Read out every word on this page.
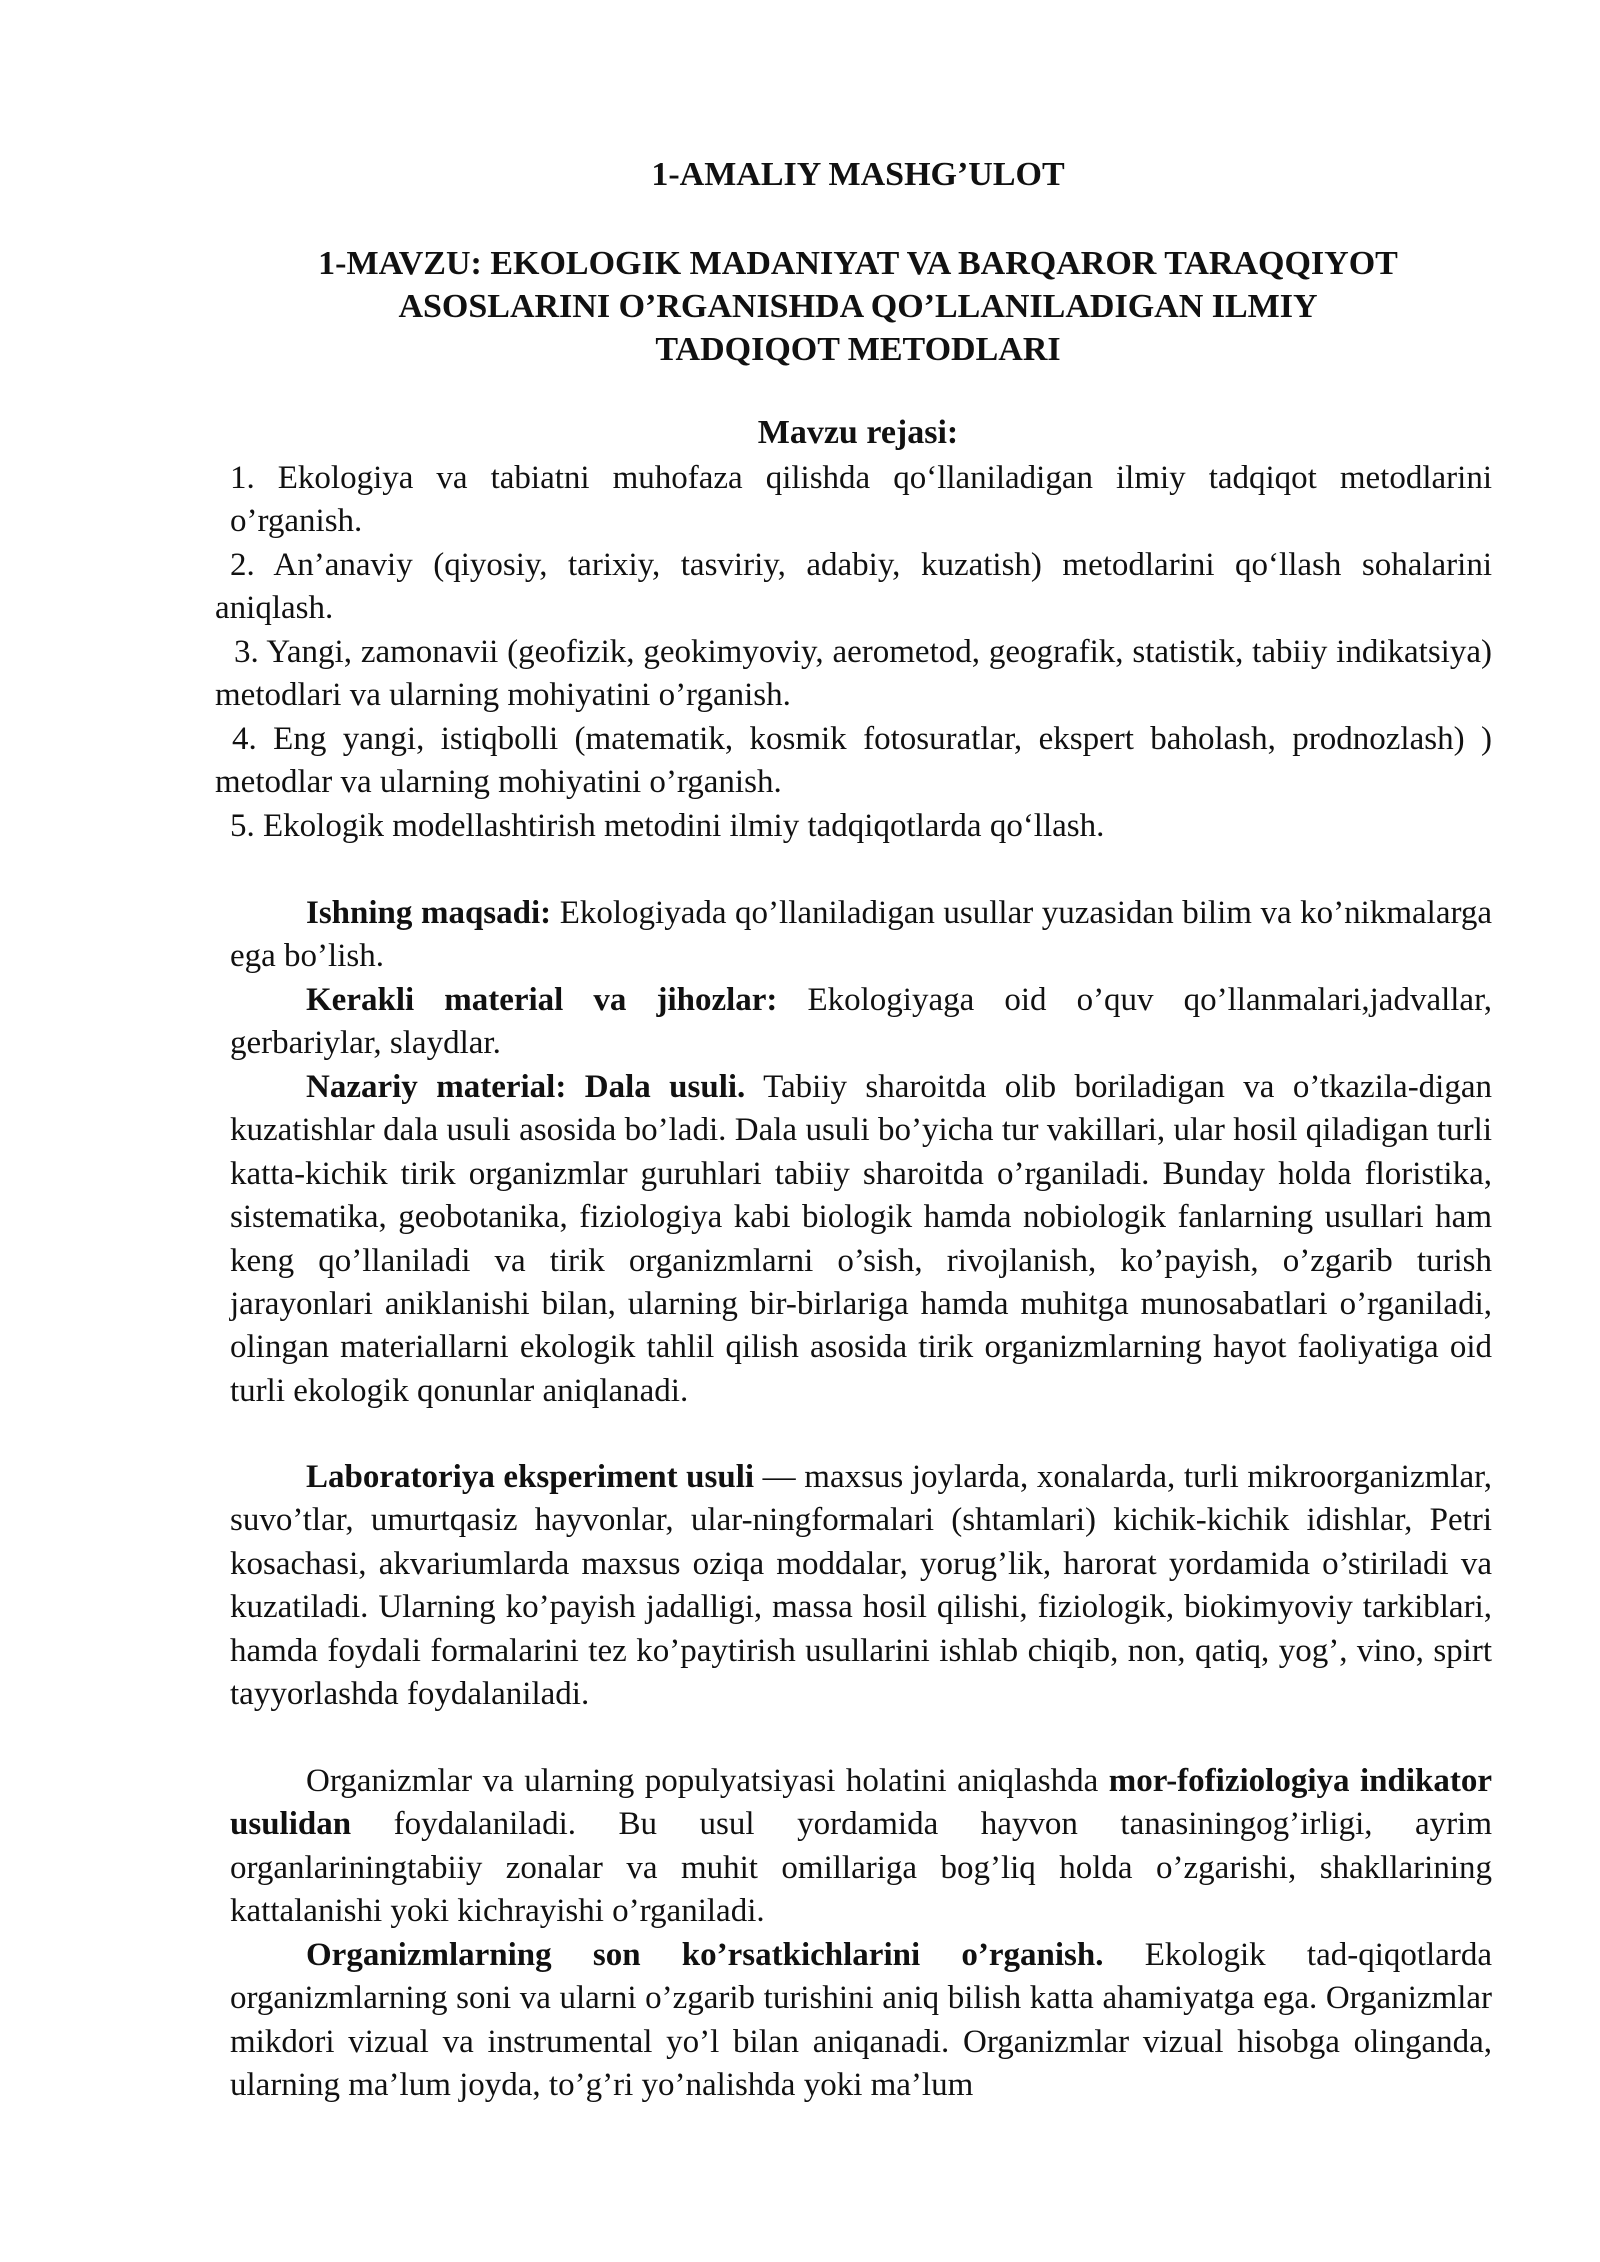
1-AMALIY MASHG’ULOT
1-MAVZU: EKOLOGIK MADANIYAT VA BARQAROR TARAQQIYOT ASOSLARINI O’RGANISHDA QO’LLANILADIGAN ILMIY TADQIQOT METODLARI
Mavzu rejasi:

1. Ekologiya va tabiatni muhofaza qilishda qo‘llaniladigan ilmiy tadqiqot metodlarini o’rganish.

2. An’anaviy (qiyosiy, tarixiy, tasviriy, adabiy, kuzatish) metodlarini qo‘llash sohalarini aniqlash.

3. Yangi, zamonavii (geofizik, geokimyoviy, aerometod, geografik, statistik, tabiiy indikatsiya) metodlari va ularning mohiyatini o’rganish.

4. Eng yangi, istiqbolli (matematik, kosmik fotosuratlar, ekspert baholash, prodnozlash) ) metodlar va ularning mohiyatini o’rganish.

5. Ekologik modellashtirish metodini ilmiy tadqiqotlarda qo‘llash.

Ishning maqsadi: Ekologiyada qo’llaniladigan usullar yuzasidan bilim va ko’nikmalarga ega bo’lish.

Kerakli material va jihozlar: Ekologiyaga oid o’quv qo’llanmalari,jadvallar, gerbariylar, slaydlar.

Nazariy material: Dala usuli. Tabiiy sharoitda olib boriladigan va o’tkazila-digan kuzatishlar dala usuli asosida bo’ladi. Dala usuli bo’yicha tur vakillari, ular hosil qiladigan turli katta-kichik tirik organizmlar guruhlari tabiiy sharoitda o’rganiladi. Bunday holda floristika, sistematika, geobotanika, fiziologiya kabi biologik hamda nobiologik fanlarning usullari ham keng qo’llaniladi va tirik organizmlarni o’sish, rivojlanish, ko’payish, o’zgarib turish jarayonlari aniklanishi bilan, ularning bir-birlariga hamda muhitga munosabatlari o’rganiladi, olingan materiallarni ekologik tahlil qilish asosida tirik organizmlarning hayot faoliyatiga oid turli ekologik qonunlar aniqlanadi.

Laboratoriya eksperiment usuli — maxsus joylarda, xonalarda, turli mikroorganizmlar, suvo’tlar, umurtqasiz hayvonlar, ular-ningformalari (shtamlari) kichik-kichik idishlar, Petri kosachasi, akvariumlarda maxsus oziqa moddalar, yorug’lik, harorat yordamida o’stiriladi va kuzatiladi. Ularning ko’payish jadalligi, massa hosil qilishi, fiziologik, biokimyoviy tarkiblari, hamda foydali formalarini tez ko’paytirish usullarini ishlab chiqib, non, qatiq, yog’, vino, spirt tayyorlashda foydalaniladi.

Organizmlar va ularning populyatsiyasi holatini aniqlashda mor-fofiziologiya indikator usulidan foydalaniladi. Bu usul yordamida hayvon tanasiningog’irligi, ayrim organlariningtabiiy zonalar va muhit omillariga bog’liq holda o’zgarishi, shakllarining kattalanishi yoki kichrayishi o’rganiladi.

Organizmlarning son ko’rsatkichlarini o’rganish. Ekologik tad-qiqotlarda organizmlarning soni va ularni o’zgarib turishini aniq bilish katta ahamiyatga ega. Organizmlar mikdori vizual va instrumental yo’l bilan aniqanadi. Organizmlar vizual hisobga olinganda, ularning ma’lum joyda, to’g’ri yo’nalishda yoki ma’lum
